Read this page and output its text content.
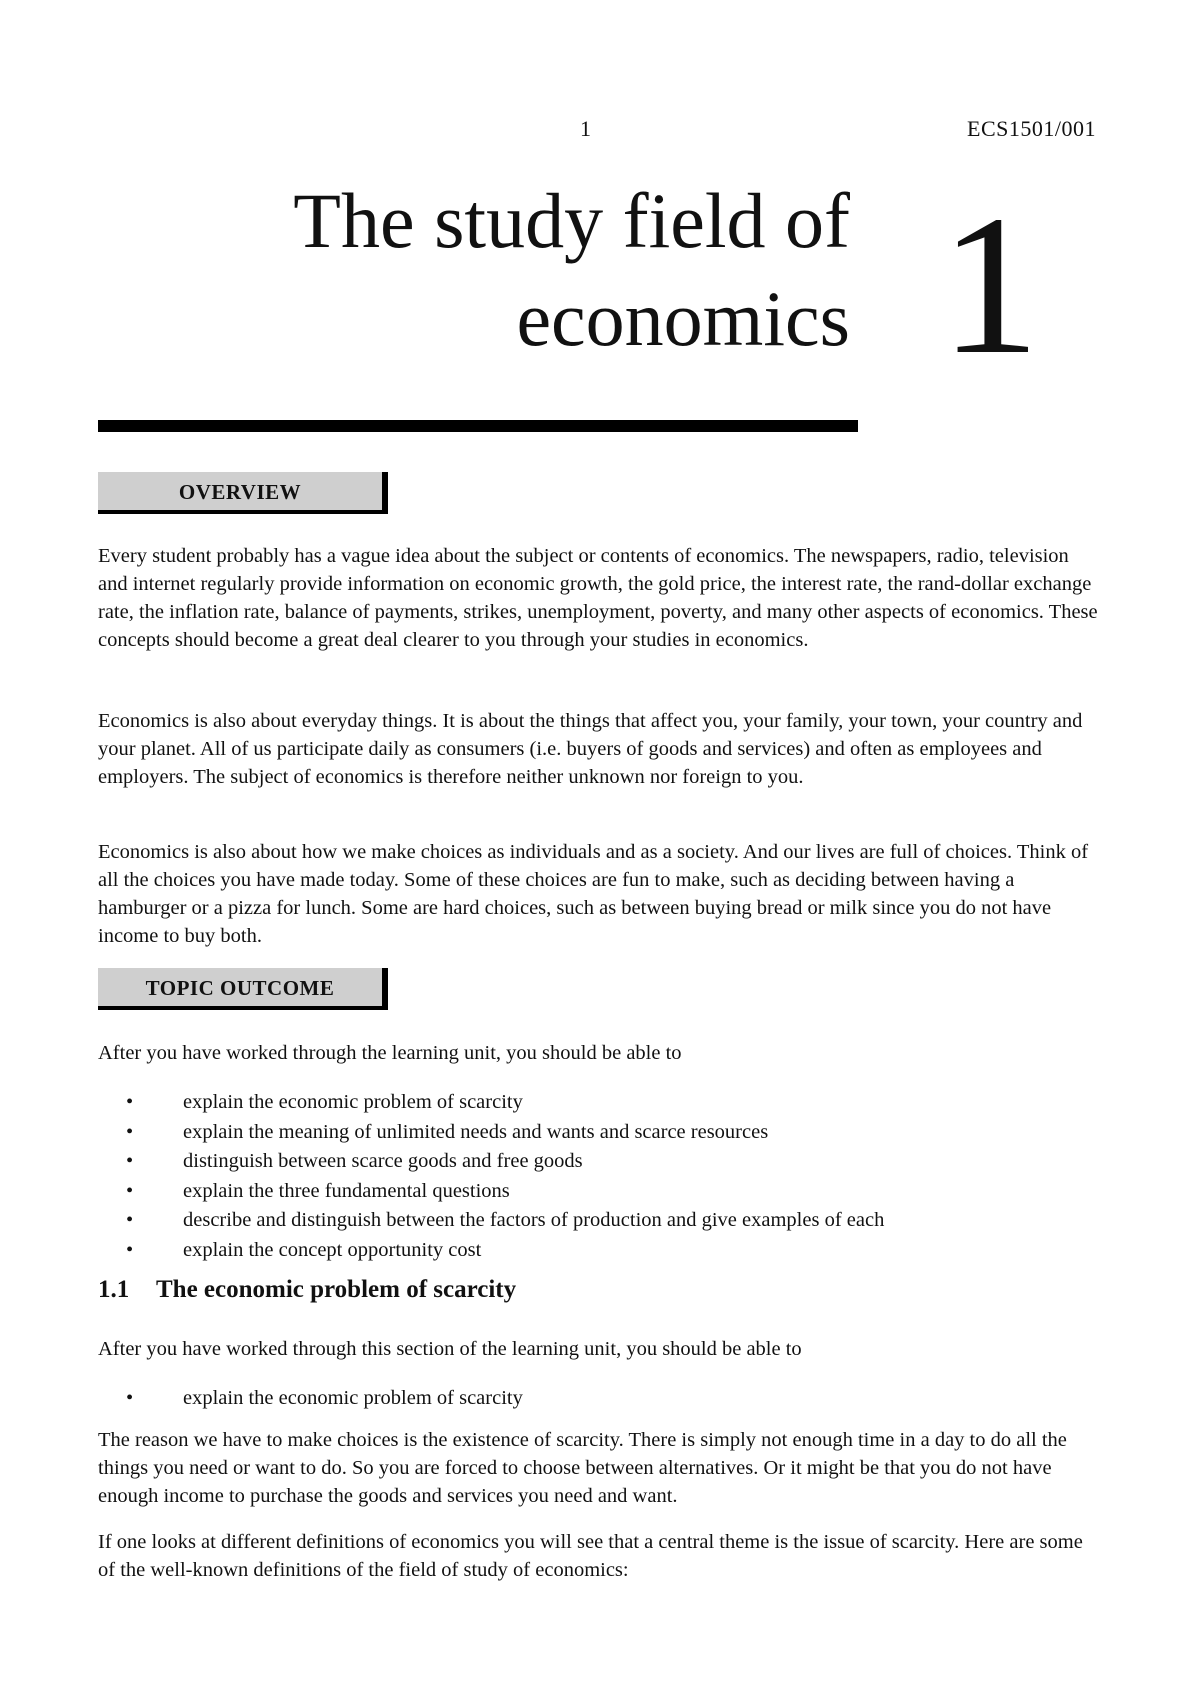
1	ECS1501/001
The study field of
economics 1
OVERVIEW

Every student probably has a vague idea about the subject or contents of economics. The newspapers, radio, television and internet regularly provide information on economic growth, the gold price, the interest rate, the rand-dollar exchange rate, the inflation rate, balance of payments, strikes, unemployment, poverty, and many other aspects of economics. These concepts should become a great deal clearer to you through your studies in economics.

Economics is also about everyday things. It is about the things that affect you, your family, your town, your country and your planet. All of us participate daily as consumers (i.e. buyers of goods and services) and often as employees and employers. The subject of economics is therefore neither unknown nor foreign to you.

Economics is also about how we make choices as individuals and as a society. And our lives are full of choices. Think of all the choices you have made today. Some of these choices are fun to make, such as deciding between having a hamburger or a pizza for lunch. Some are hard choices, such as between buying bread or milk since you do not have income to buy both.

TOPIC OUTCOME

After you have worked through the learning unit, you should be able to

• explain the economic problem of scarcity
• explain the meaning of unlimited needs and wants and scarce resources
• distinguish between scarce goods and free goods
• explain the three fundamental questions
• describe and distinguish between the factors of production and give examples of each
• explain the concept opportunity cost
1.1 The economic problem of scarcity

After you have worked through this section of the learning unit, you should be able to

• explain the economic problem of scarcity

The reason we have to make choices is the existence of scarcity. There is simply not enough time in a day to do all the things you need or want to do. So you are forced to choose between alternatives. Or it might be that you do not have enough income to purchase the goods and services you need and want.

If one looks at different definitions of economics you will see that a central theme is the issue of scarcity. Here are some of the well-known definitions of the field of study of economics:
